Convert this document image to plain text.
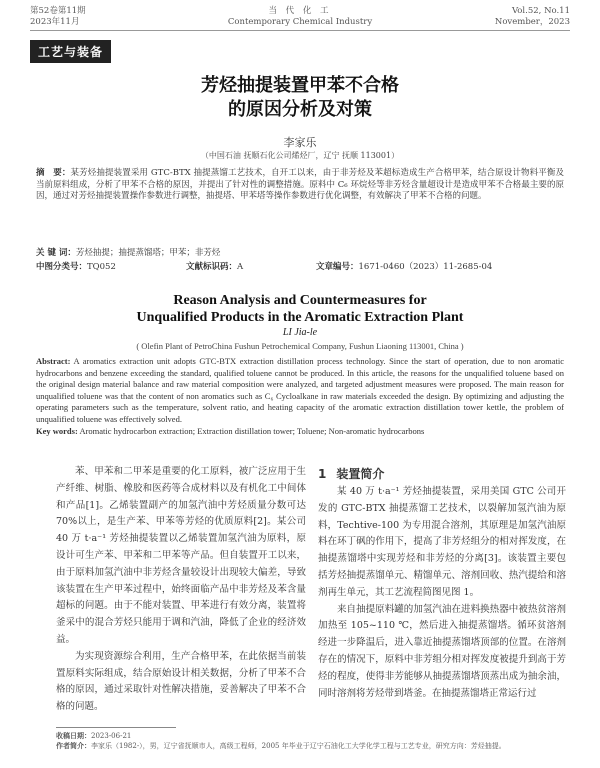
第52卷第11期
2023年11月
当 代 化 工
Contemporary Chemical Industry
Vol.52, No.11
November，2023
工艺与装备
芳烃抽提装置甲苯不合格
的原因分析及对策
李家乐
（中国石油 抚顺石化公司烯烃厂，辽宁 抚顺 113001）
摘　要：某芳烃抽提装置采用 GTC-BTX 抽提蒸馏工艺技术，自开工以来，由于非芳烃及苯超标造成生产合格甲苯，结合原设计物料平衡及当前原料组成，分析了甲苯不合格的原因，并提出了针对性的调整措施。原料中 C₆ 环烷烃等非芳烃含量超设计是造成甲苯不合格最主要的原因，通过对芳烃抽提装置操作参数进行调整，抽提塔、甲苯塔等操作参数进行优化调整，有效解决了甲苯不合格的问题。
关 键 词：芳烃抽提；抽提蒸馏塔；甲苯；非芳烃
中图分类号：TQ052	文献标识码：A	文章编号：1671-0460（2023）11-2685-04
Reason Analysis and Countermeasures for
Unqualified Products in the Aromatic Extraction Plant
LI Jia-le
( Olefin Plant of PetroChina Fushun Petrochemical Company, Fushun Liaoning 113001, China )
Abstract: A aromatics extraction unit adopts GTC-BTX extraction distillation process technology. Since the start of operation, due to non aromatic hydrocarbons and benzene exceeding the standard, qualified toluene cannot be produced. In this article, the reasons for the unqualified toluene based on the original design material balance and raw material composition were analyzed, and targeted adjustment measures were proposed. The main reason for unqualified toluene was that the content of non aromatics such as C₆ Cycloalkane in raw materials exceeded the design. By optimizing and adjusting the operating parameters such as the temperature, solvent ratio, and heating capacity of the aromatic extraction distillation tower kettle, the problem of unqualified toluene was effectively solved.
Key words: Aromatic hydrocarbon extraction; Extraction distillation tower; Toluene; Non-aromatic hydrocarbons

苯、甲苯和二甲苯是重要的化工原料，被广泛应用于生产纤维、树脂、橡胶和医药等合成材料以及有机化工中间体和产品[1]。乙烯装置副产的加氢汽油中芳烃质量分数可达 70%以上，是生产苯、甲苯等芳烃的优质原料[2]。某公司 40 万 t·a⁻¹ 芳烃抽提装置以乙烯装置加氢汽油为原料，原设计可生产苯、甲苯和二甲苯等产品。但自装置开工以来，由于原料加氢汽油中非芳烃含量较设计出现较大偏差，导致该装置在生产甲苯过程中，始终面临产品中非芳烃及苯含量超标的问题。由于不能对装置、甲苯进行有效分离，装置将釜采中的混合芳烃只能用于调和汽油，降低了企业的经济效益。

为实现资源综合利用，生产合格甲苯，在此依据当前装置原料实际组成，结合原始设计相关数据，分析了甲苯不合格的原因，通过采取针对性解决措施，妥善解决了甲苯不合格的问题。

1 装置简介

某 40 万 t·a⁻¹ 芳烃抽提装置，采用美国 GTC 公司开发的 GTC-BTX 抽提蒸馏工艺技术，以裂解加氢汽油为原料，Techtive-100 为专用混合溶剂，其原理是加氢汽油原料在环丁砜的作用下，提高了非芳烃组分的相对挥发度，在抽提蒸馏塔中实现芳烃和非芳烃的分离[3]。该装置主要包括芳烃抽提蒸馏单元、精馏单元、溶剂回收、热汽提给和溶剂再生单元，其工艺流程简图见图 1。

来自抽提原料罐的加氢汽油在进料换热器中被热贫溶剂加热至 105~110 ℃，然后进入抽提蒸馏塔。循环贫溶剂经进一步降温后，进入靠近抽提蒸馏塔顶部的位置。在溶剂存在的情况下，原料中非芳组分相对挥发度被提升到高于芳烃的程度，使得非芳能够从抽提蒸馏塔顶蒸出成为抽余油，同时溶剂将芳烃带到塔釜。在抽提蒸馏塔正常运行过

收稿日期：2023-06-21
作者简介：李家乐（1982-），男，辽宁省抚顺市人，高级工程师，2005 年毕业于辽宁石油化工大学化学工程与工艺专业，研究方向：芳烃抽提。
